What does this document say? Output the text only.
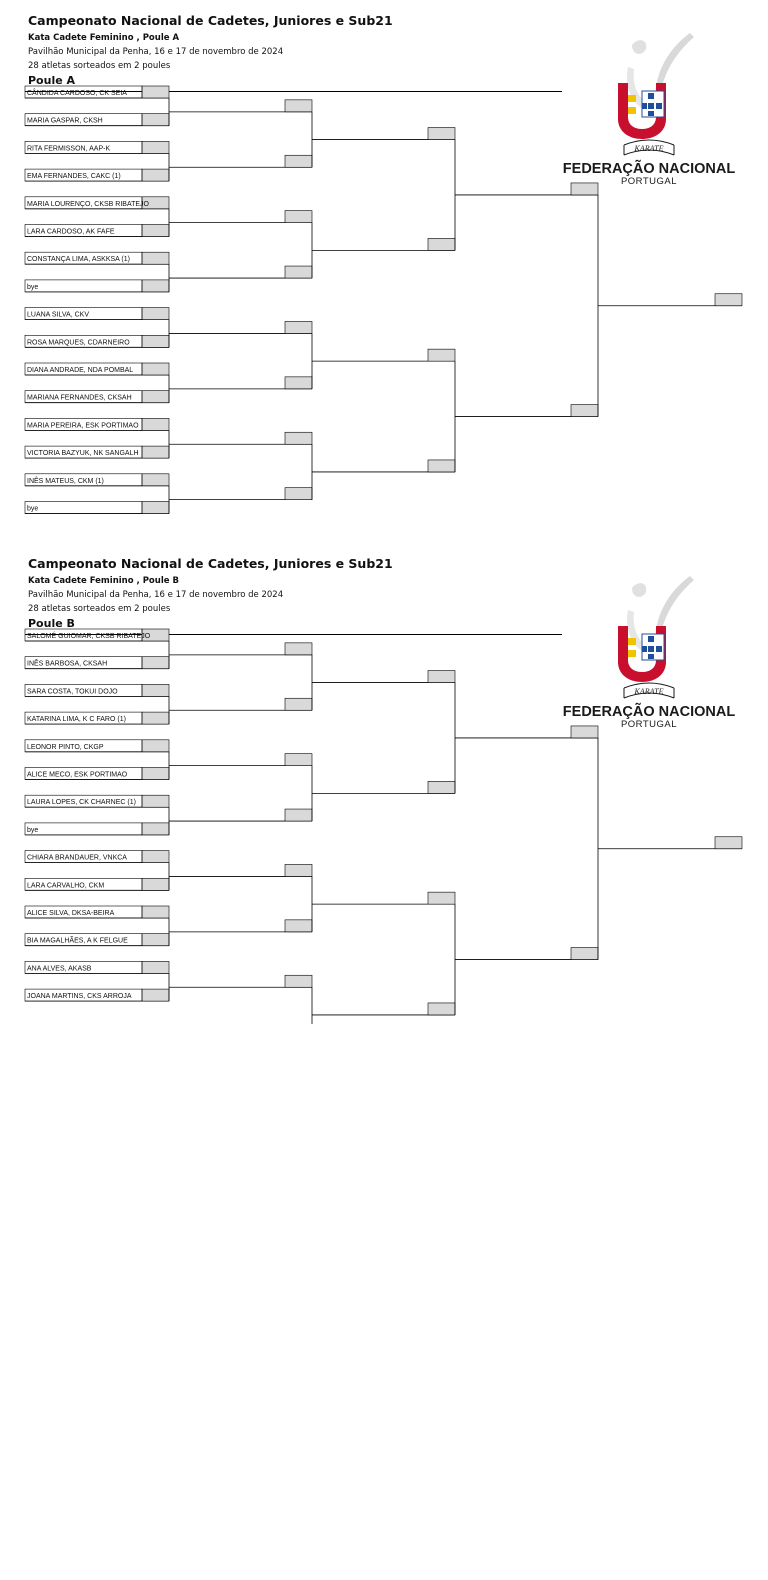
Campeonato Nacional de Cadetes, Juniores e Sub21
Kata Cadete Feminino , Poule A
Pavilhão Municipal da Penha, 16 e 17 de novembro de 2024
28 atletas sorteados em 2 poules
Poule A
CÂNDIDA CARDOSO, CK SEIA
MARIA GASPAR, CKSH
RITA FERMISSON, AAP-K
EMA FERNANDES, CAKC (1)
MARIA LOURENÇO, CKSB RIBATEJO
LARA CARDOSO, AK FAFE
CONSTANÇA LIMA, ASKKSA (1)
bye
LUANA SILVA, CKV
ROSA MARQUES, CDARNEIRO
DIANA ANDRADE, NDA POMBAL
MARIANA FERNANDES, CKSAH
MARIA PEREIRA, ESK PORTIMAO
VICTORIA BAZYUK, NK SANGALH
INÊS MATEUS, CKM (1)
bye
KARATE
FEDERAÇÃO NACIONAL
PORTUGAL
Campeonato Nacional de Cadetes, Juniores e Sub21
Kata Cadete Feminino , Poule B
Pavilhão Municipal da Penha, 16 e 17 de novembro de 2024
28 atletas sorteados em 2 poules
Poule B
SALOMÉ GUIOMAR, CKSB RIBATEJO
INÊS BARBOSA, CKSAH
SARA COSTA, TOKUI DOJO
KATARINA LIMA, K C FARO (1)
LEONOR PINTO, CKGP
ALICE MECO, ESK PORTIMAO
LAURA LOPES, CK CHARNEC (1)
bye
CHIARA BRANDAUER, VNKCA
LARA CARVALHO, CKM
ALICE SILVA, DKSA-BEIRA
BIA MAGALHÃES, A K FELGUE
ANA ALVES, AKASB
JOANA MARTINS, CKS ARROJA
KARATE
FEDERAÇÃO NACIONAL
PORTUGAL
